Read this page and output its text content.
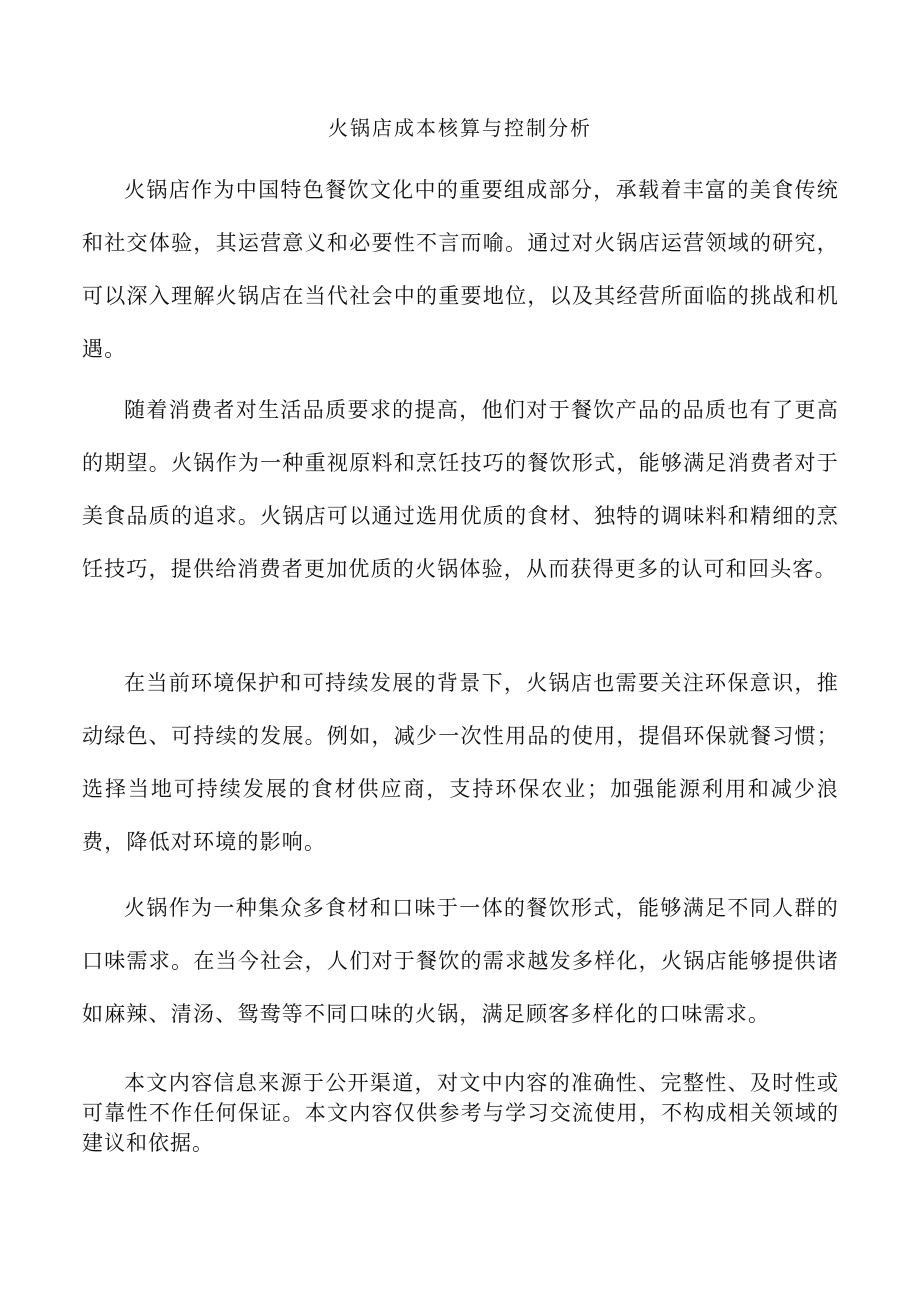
火锅店成本核算与控制分析

火锅店作为中国特色餐饮文化中的重要组成部分，承载着丰富的美食传统和社交体验，其运营意义和必要性不言而喻。通过对火锅店运营领域的研究，可以深入理解火锅店在当代社会中的重要地位，以及其经营所面临的挑战和机遇。

随着消费者对生活品质要求的提高，他们对于餐饮产品的品质也有了更高的期望。火锅作为一种重视原料和烹饪技巧的餐饮形式，能够满足消费者对于美食品质的追求。火锅店可以通过选用优质的食材、独特的调味料和精细的烹饪技巧，提供给消费者更加优质的火锅体验，从而获得更多的认可和回头客。

在当前环境保护和可持续发展的背景下，火锅店也需要关注环保意识，推动绿色、可持续的发展。例如，减少一次性用品的使用，提倡环保就餐习惯；选择当地可持续发展的食材供应商，支持环保农业；加强能源利用和减少浪费，降低对环境的影响。

火锅作为一种集众多食材和口味于一体的餐饮形式，能够满足不同人群的口味需求。在当今社会，人们对于餐饮的需求越发多样化，火锅店能够提供诸如麻辣、清汤、鸳鸯等不同口味的火锅，满足顾客多样化的口味需求。

本文内容信息来源于公开渠道，对文中内容的准确性、完整性、及时性或可靠性不作任何保证。本文内容仅供参考与学习交流使用，不构成相关领域的建议和依据。
